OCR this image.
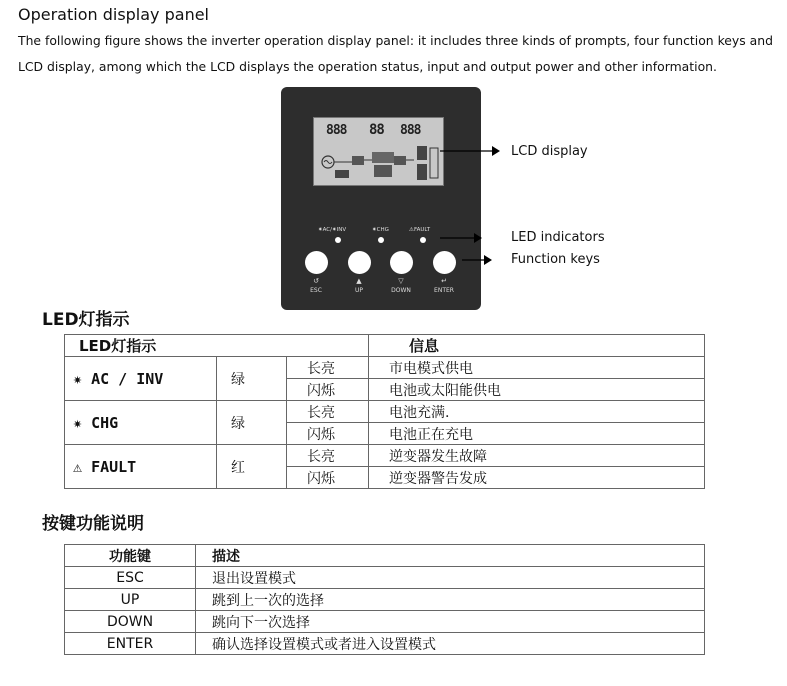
Operation display panel
The following figure shows the inverter operation display panel: it includes three kinds of prompts, four function keys and
LCD display, among which the LCD displays the operation status, input and output power and other information.
888 88 888
✷AC/✷INV	✷CHG	⚠FAULT
↺	▲	▽	↵
ESC	UP	DOWN	ENTER
LCD display
LED indicators
Function keys
LED灯指示
LED灯指示			信息
✷ AC / INV	绿	长亮	市电模式供电
		闪烁	电池或太阳能供电
✷ CHG	绿	长亮	电池充满.
		闪烁	电池正在充电
⚠ FAULT	红	长亮	逆变器发生故障
		闪烁	逆变器警告发成
按键功能说明
功能键	描述
ESC	退出设置模式
UP	跳到上一次的选择
DOWN	跳向下一次选择
ENTER	确认选择设置模式或者进入设置模式
